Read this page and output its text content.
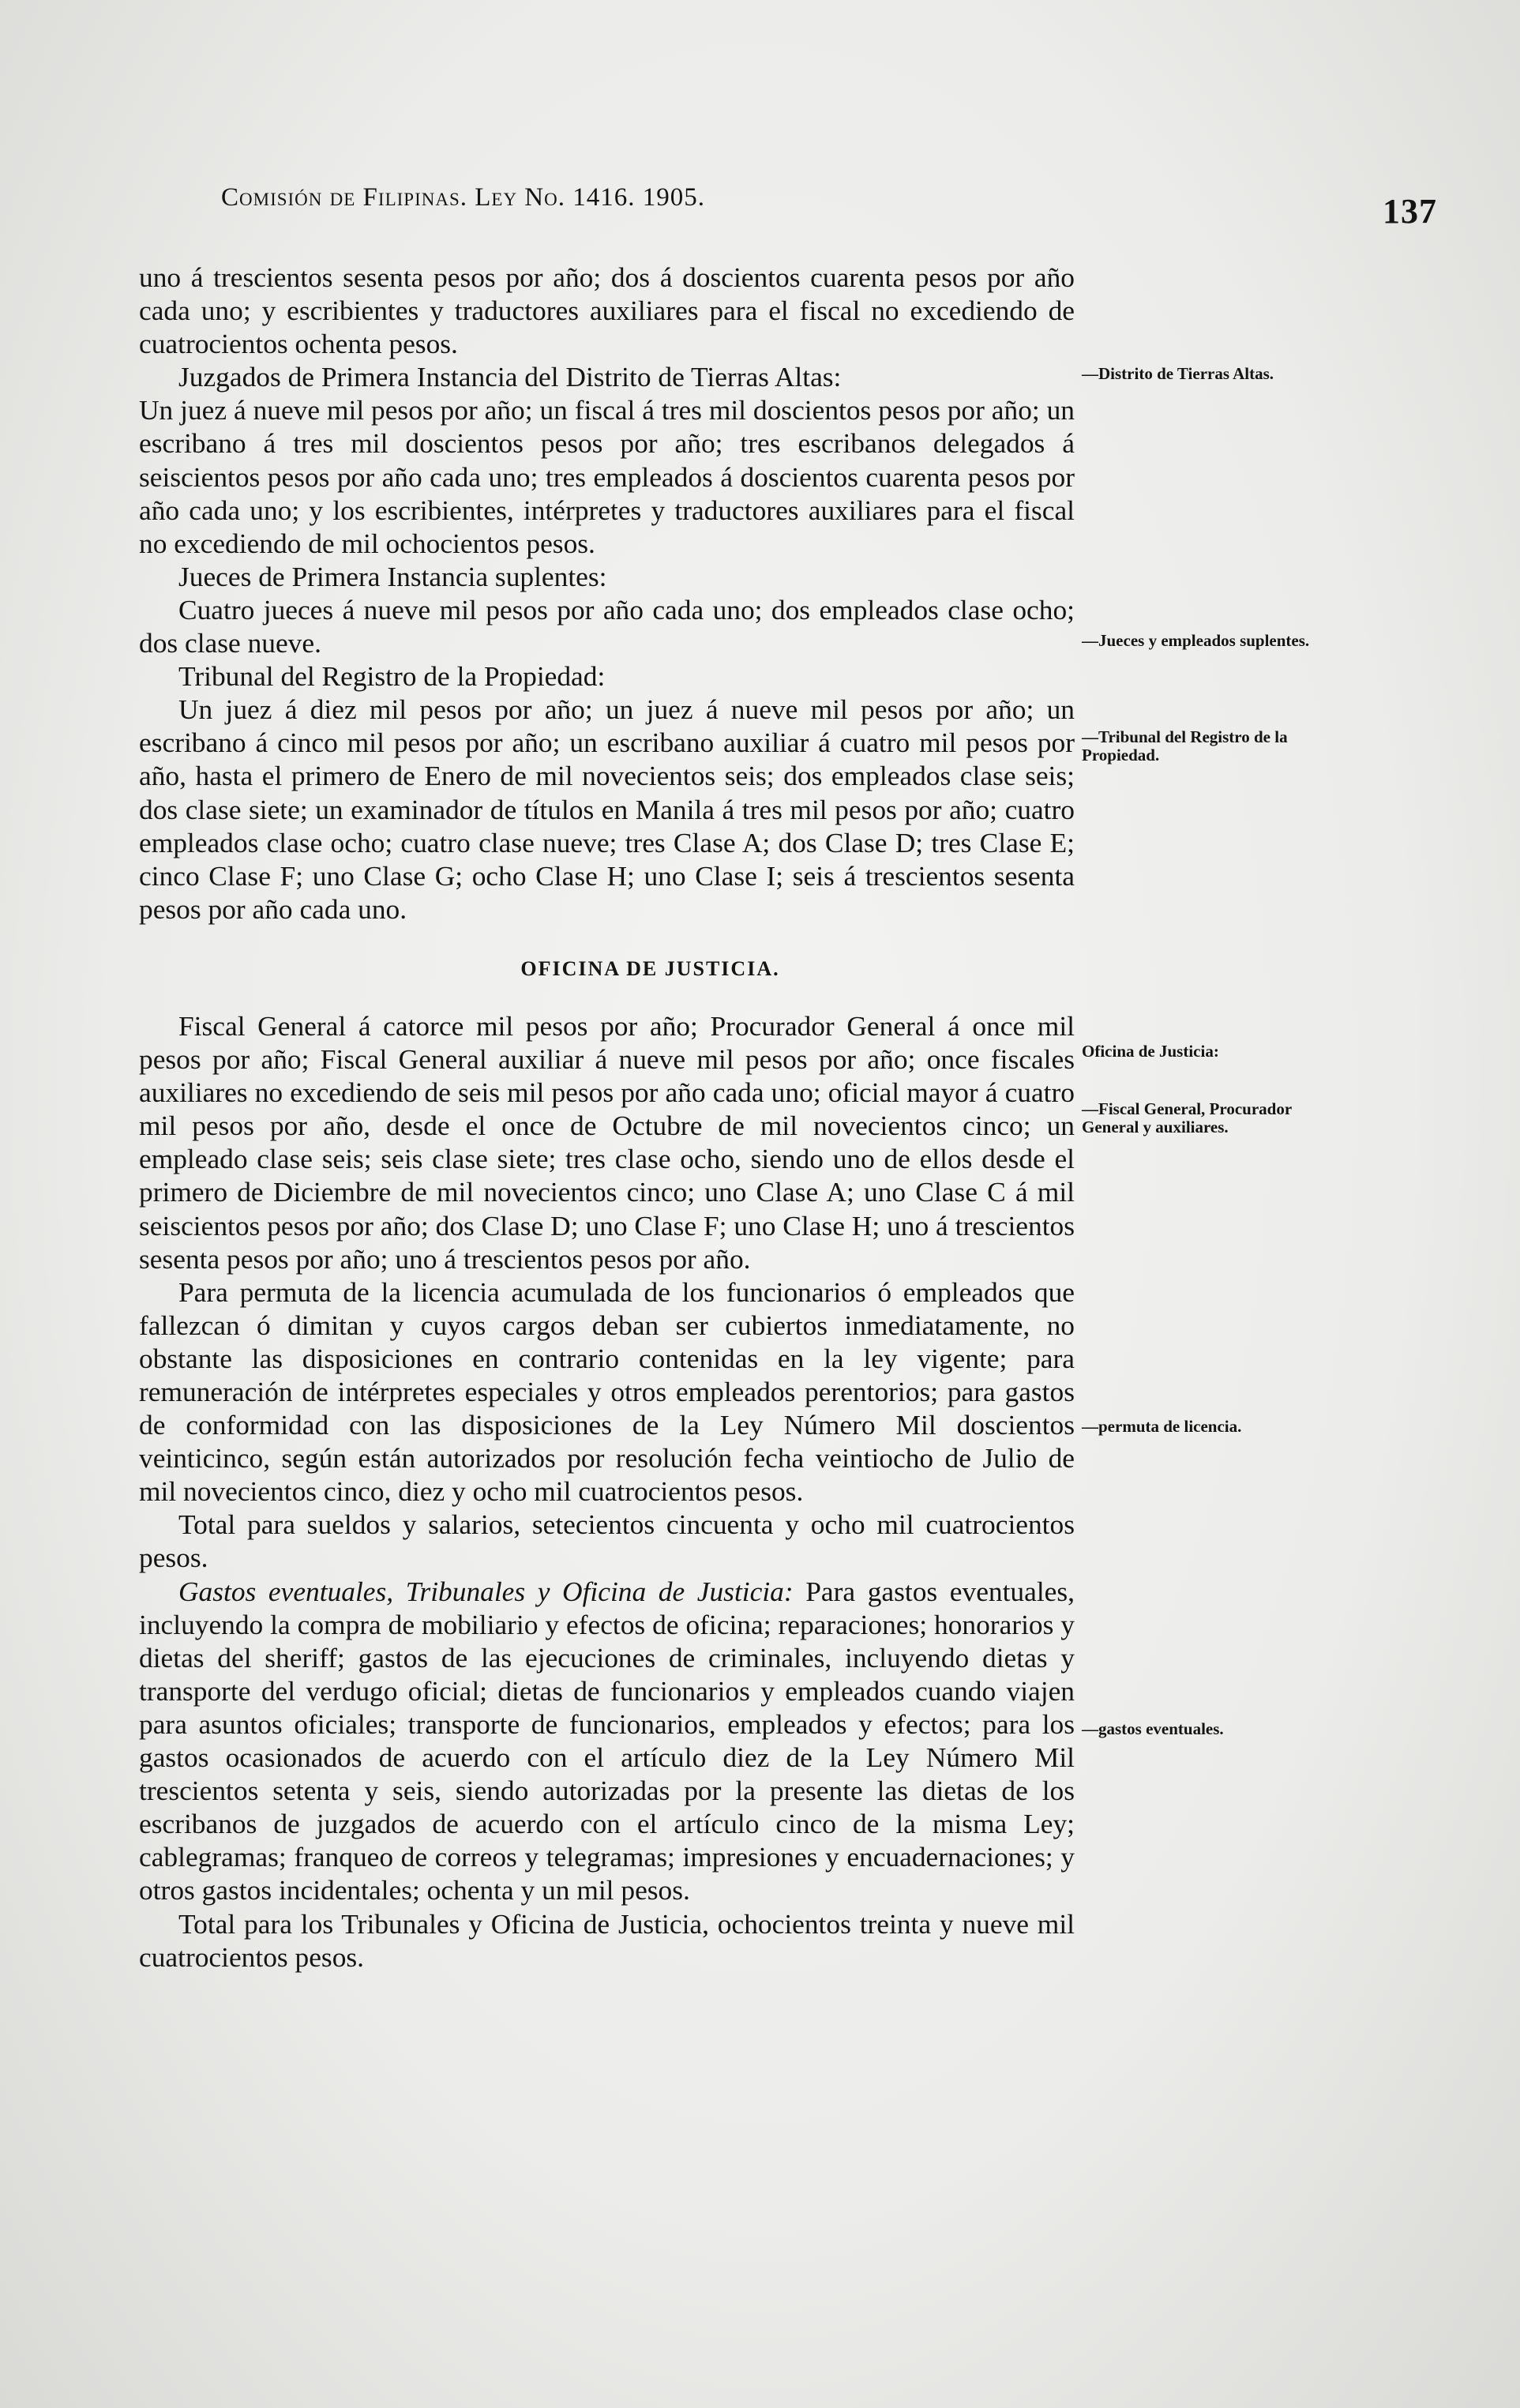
Comisión de Filipinas. Ley No. 1416. 1905.	137

uno á trescientos sesenta pesos por año; dos á doscientos cuarenta pesos por año cada uno; y escribientes y traductores auxiliares para el fiscal no excediendo de cuatrocientos ochenta pesos.

Juzgados de Primera Instancia del Distrito de Tierras Altas:

Un juez á nueve mil pesos por año; un fiscal á tres mil doscientos pesos por año; un escribano á tres mil doscientos pesos por año; tres escribanos delegados á seiscientos pesos por año cada uno; tres empleados á doscientos cuarenta pesos por año cada uno; y los escribientes, intérpretes y traductores auxiliares para el fiscal no excediendo de mil ochocientos pesos.

Jueces de Primera Instancia suplentes:

Cuatro jueces á nueve mil pesos por año cada uno; dos empleados clase ocho; dos clase nueve.

Tribunal del Registro de la Propiedad:

Un juez á diez mil pesos por año; un juez á nueve mil pesos por año; un escribano á cinco mil pesos por año; un escribano auxiliar á cuatro mil pesos por año, hasta el primero de Enero de mil novecientos seis; dos empleados clase seis; dos clase siete; un examinador de títulos en Manila á tres mil pesos por año; cuatro empleados clase ocho; cuatro clase nueve; tres Clase A; dos Clase D; tres Clase E; cinco Clase F; uno Clase G; ocho Clase H; uno Clase I; seis á trescientos sesenta pesos por año cada uno.

OFICINA DE JUSTICIA.

Fiscal General á catorce mil pesos por año; Procurador General á once mil pesos por año; Fiscal General auxiliar á nueve mil pesos por año; once fiscales auxiliares no excediendo de seis mil pesos por año cada uno; oficial mayor á cuatro mil pesos por año, desde el once de Octubre de mil novecientos cinco; un empleado clase seis; seis clase siete; tres clase ocho, siendo uno de ellos desde el primero de Diciembre de mil novecientos cinco; uno Clase A; uno Clase C á mil seiscientos pesos por año; dos Clase D; uno Clase F; uno Clase H; uno á trescientos sesenta pesos por año; uno á trescientos pesos por año.

Para permuta de la licencia acumulada de los funcionarios ó empleados que fallezcan ó dimitan y cuyos cargos deban ser cubiertos inmediatamente, no obstante las disposiciones en contrario contenidas en la ley vigente; para remuneración de intérpretes especiales y otros empleados perentorios; para gastos de conformidad con las disposiciones de la Ley Número Mil doscientos veinticinco, según están autorizados por resolución fecha veintiocho de Julio de mil novecientos cinco, diez y ocho mil cuatrocientos pesos.

Total para sueldos y salarios, setecientos cincuenta y ocho mil cuatrocientos pesos.

Gastos eventuales, Tribunales y Oficina de Justicia: Para gastos eventuales, incluyendo la compra de mobiliario y efectos de oficina; reparaciones; honorarios y dietas del sheriff; gastos de las ejecuciones de criminales, incluyendo dietas y transporte del verdugo oficial; dietas de funcionarios y empleados cuando viajen para asuntos oficiales; transporte de funcionarios, empleados y efectos; para los gastos ocasionados de acuerdo con el artículo diez de la Ley Número Mil trescientos setenta y seis, siendo autorizadas por la presente las dietas de los escribanos de juzgados de acuerdo con el artículo cinco de la misma Ley; cablegramas; franqueo de correos y telegramas; impresiones y encuadernaciones; y otros gastos incidentales; ochenta y un mil pesos.

Total para los Tribunales y Oficina de Justicia, ochocientos treinta y nueve mil cuatrocientos pesos.

—Distrito de Tierras Altas.
—Jueces y empleados suplentes.
—Tribunal del Registro de la Propiedad.
Oficina de Justicia:
—Fiscal General, Procurador General y auxiliares.
—permuta de licencia.
—gastos eventuales.
